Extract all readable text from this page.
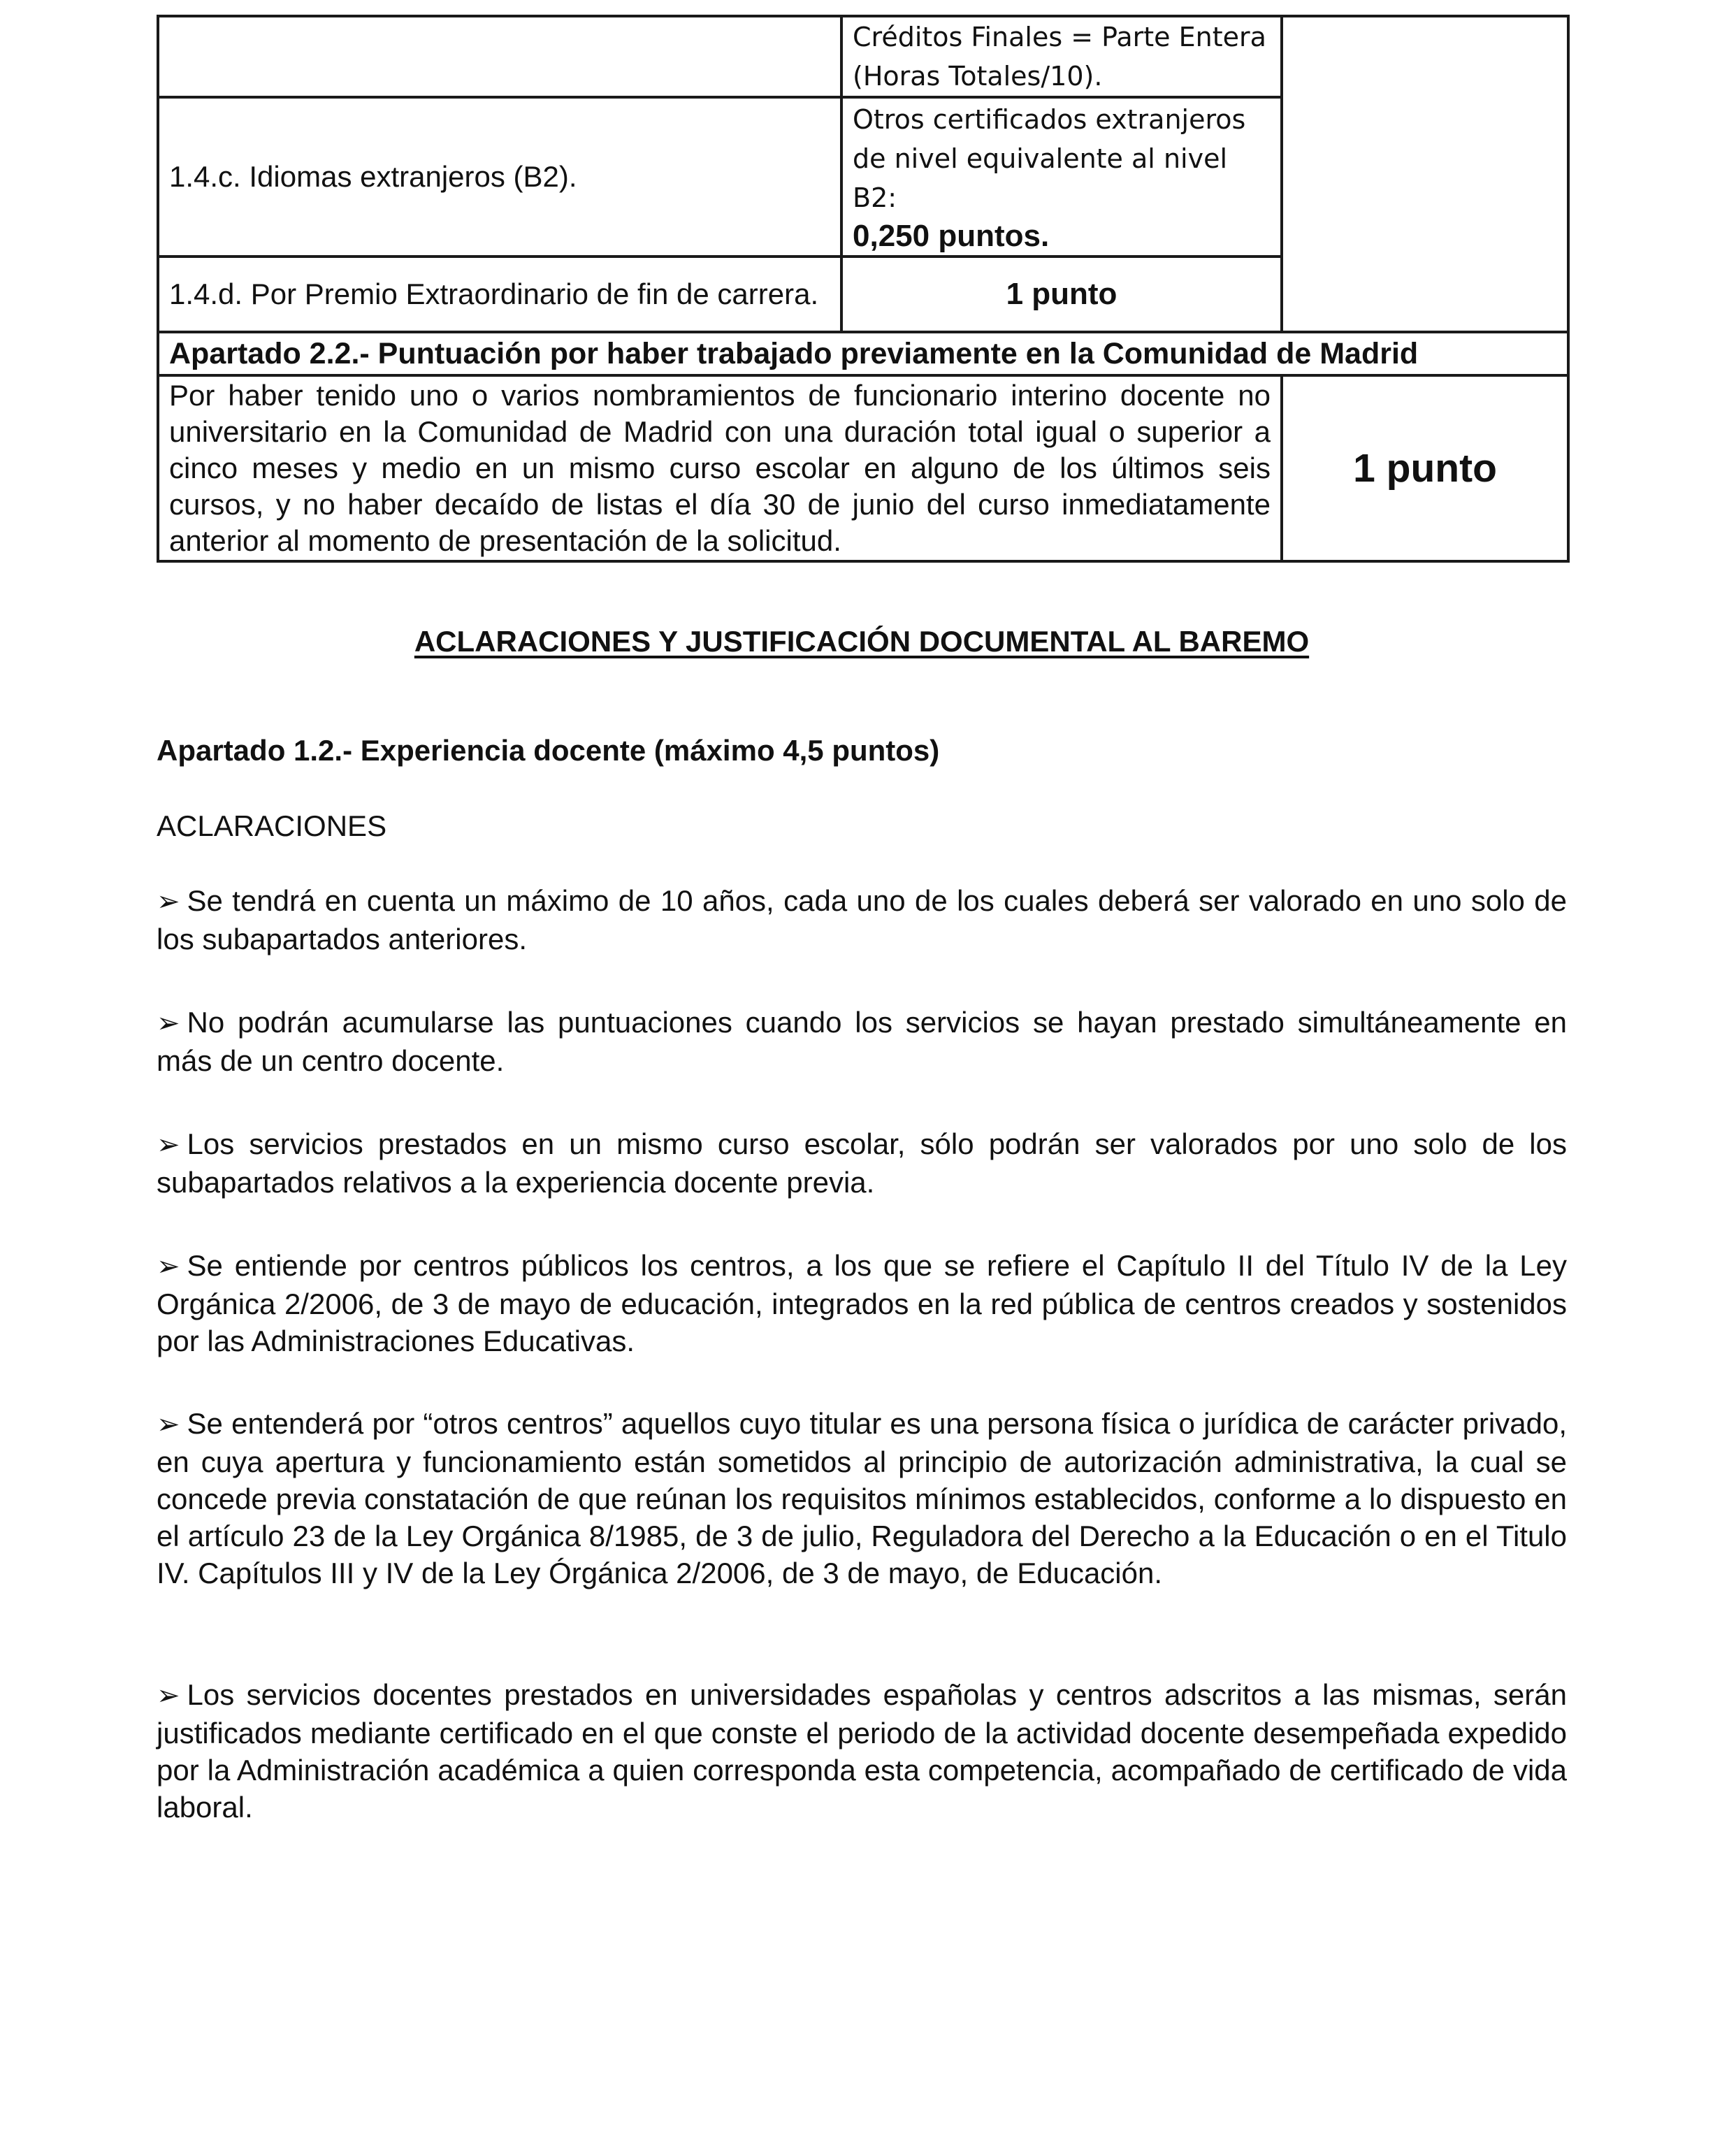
	Créditos Finales = Parte Entera (Horas Totales/10).	
1.4.c. Idiomas extranjeros (B2).	Otros certificados extranjeros de nivel equivalente al nivel B2:
0,250 puntos.	

1.4.d. Por Premio Extraordinario de fin de carrera.	1 punto	
Apartado 2.2.- Puntuación por haber trabajado previamente en la Comunidad de Madrid		
Por haber tenido uno o varios nombramientos de funcionario interino docente no universitario en la Comunidad de Madrid con una duración total igual o superior a cinco meses y medio en un mismo curso escolar en alguno de los últimos seis cursos, y no haber decaído de listas el día 30 de junio del curso inmediatamente anterior al momento de presentación de la solicitud.		1 punto
ACLARACIONES Y JUSTIFICACIÓN DOCUMENTAL AL BAREMO
Apartado 1.2.- Experiencia docente (máximo 4,5 puntos)
ACLARACIONES

➢ Se tendrá en cuenta un máximo de 10 años, cada uno de los cuales deberá ser valorado en uno solo de los subapartados anteriores.

➢ No podrán acumularse las puntuaciones cuando los servicios se hayan prestado simultáneamente en más de un centro docente.

➢ Los servicios prestados en un mismo curso escolar, sólo podrán ser valorados por uno solo de los subapartados relativos a la experiencia docente previa.

➢ Se entiende por centros públicos los centros, a los que se refiere el Capítulo II del Título IV de la Ley Orgánica 2/2006, de 3 de mayo de educación, integrados en la red pública de centros creados y sostenidos por las Administraciones Educativas.

➢ Se entenderá por “otros centros” aquellos cuyo titular es una persona física o jurídica de carácter privado, en cuya apertura y funcionamiento están sometidos al principio de autorización administrativa, la cual se concede previa constatación de que reúnan los requisitos mínimos establecidos, conforme a lo dispuesto en el artículo 23 de la Ley Orgánica 8/1985, de 3 de julio, Reguladora del Derecho a la Educación o en el Titulo IV. Capítulos III y IV de la Ley Órgánica 2/2006, de 3 de mayo, de Educación.

➢ Los servicios docentes prestados en universidades españolas y centros adscritos a las mismas, serán justificados mediante certificado en el que conste el periodo de la actividad docente desempeñada expedido por la Administración académica a quien corresponda esta competencia, acompañado de certificado de vida laboral.
